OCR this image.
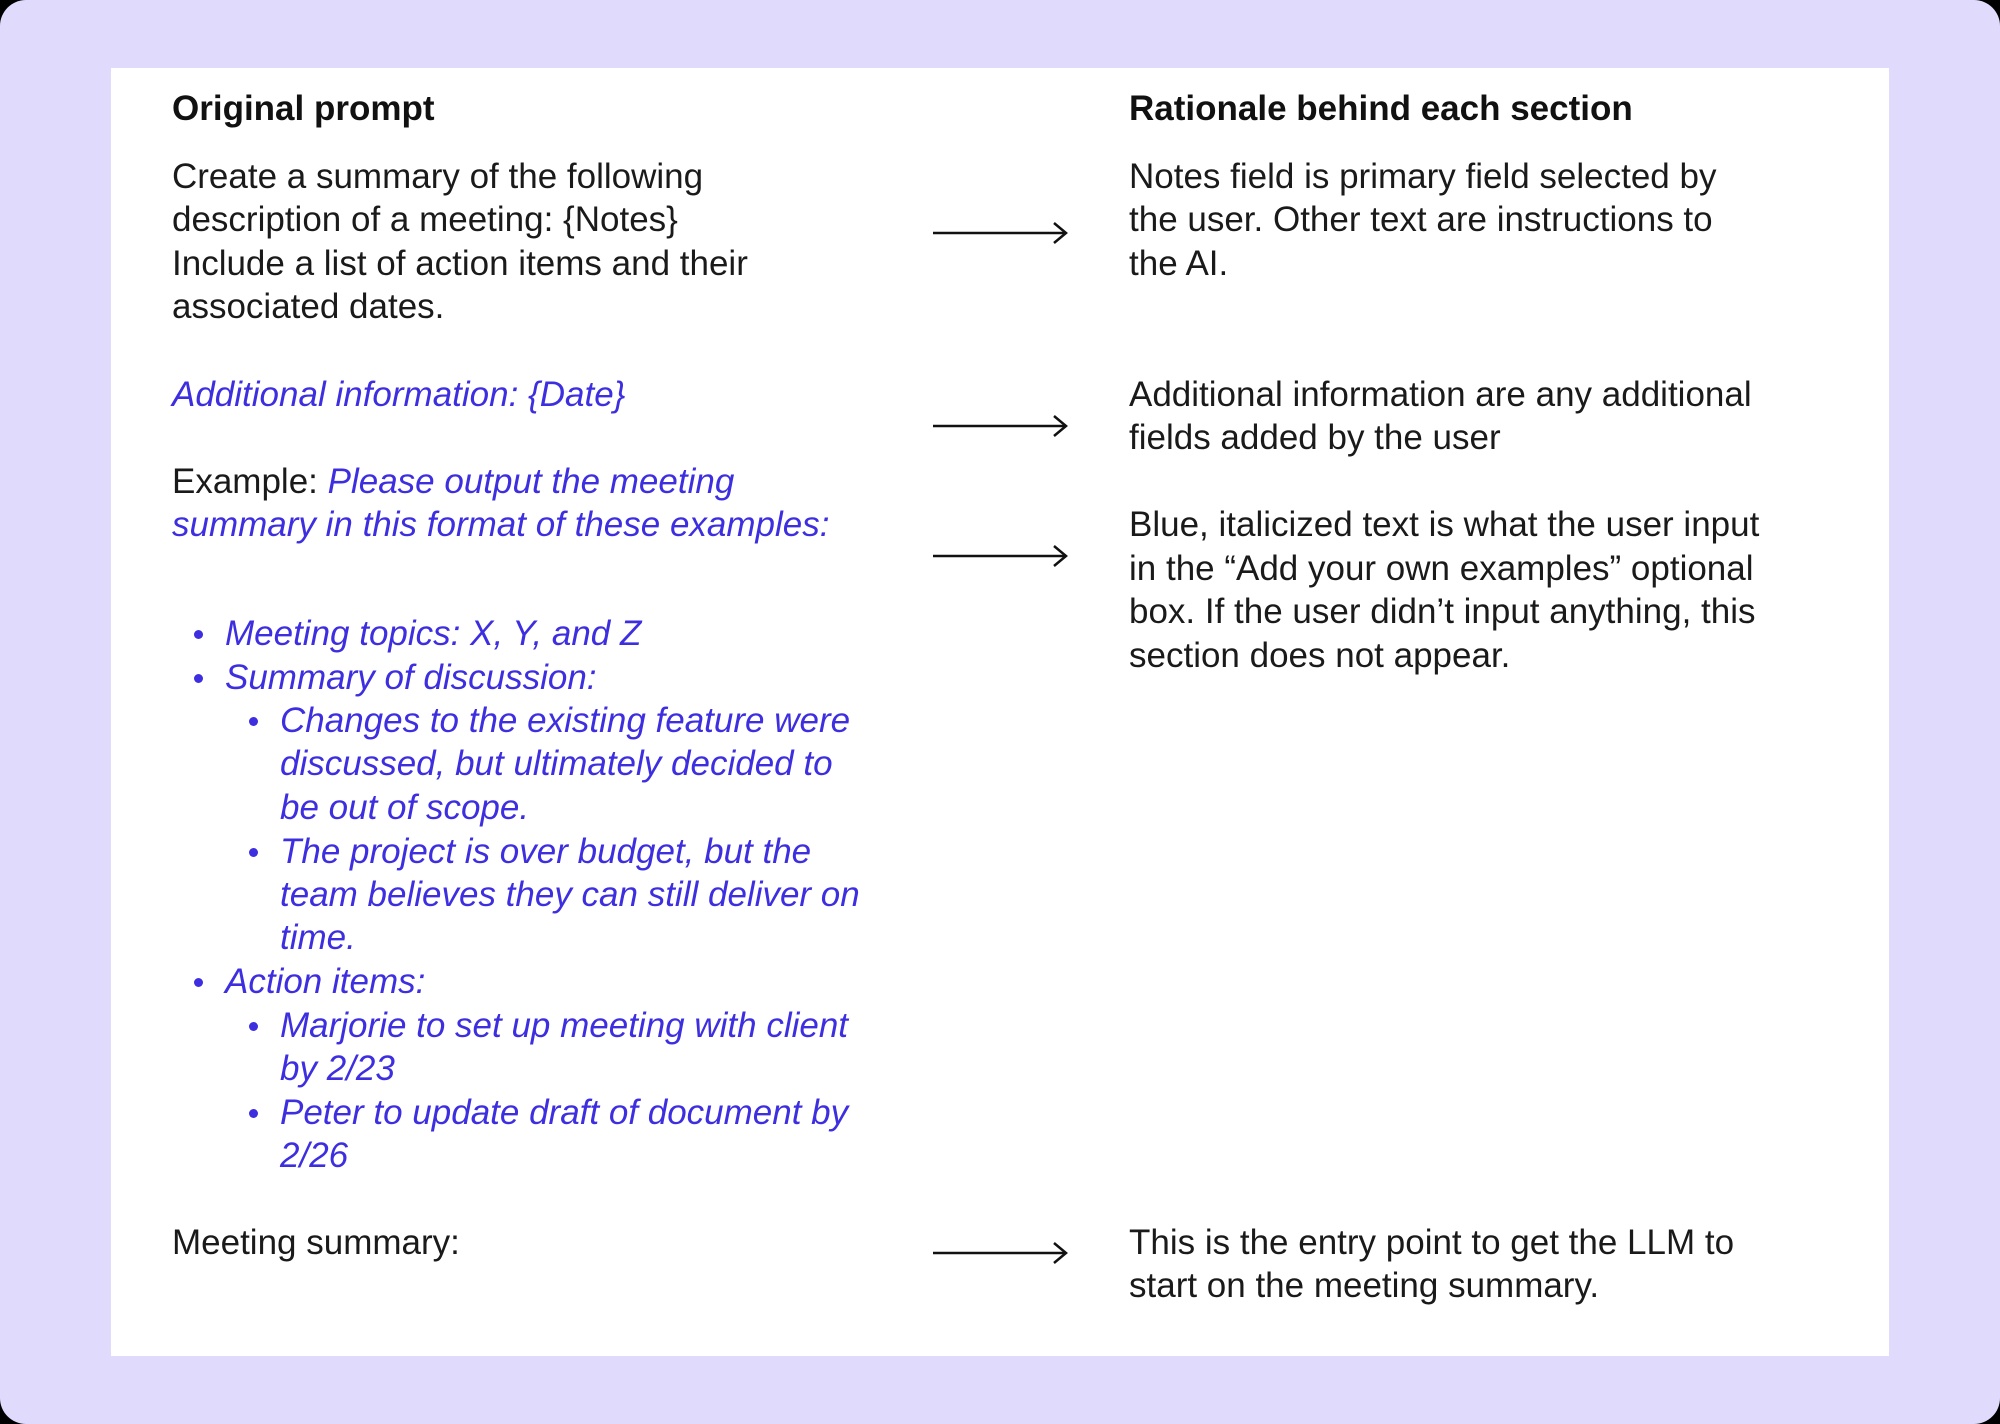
Original prompt
Create a summary of the following
description of a meeting: {Notes}
Include a list of action items and their
associated dates.
Additional information: {Date}
Example: Please output the meeting
summary in this format of these examples:
Meeting topics: X, Y, and Z
Summary of discussion:
Changes to the existing feature were
discussed, but ultimately decided to
be out of scope.
The project is over budget, but the
team believes they can still deliver on
time.
Action items:
Marjorie to set up meeting with client
by 2/23
Peter to update draft of document by
2/26
Meeting summary:
Rationale behind each section
Notes field is primary field selected by
the user. Other text are instructions to
the AI.
Additional information are any additional
fields added by the user
Blue, italicized text is what the user input
in the “Add your own examples” optional
box. If the user didn’t input anything, this
section does not appear.
This is the entry point to get the LLM to
start on the meeting summary.
